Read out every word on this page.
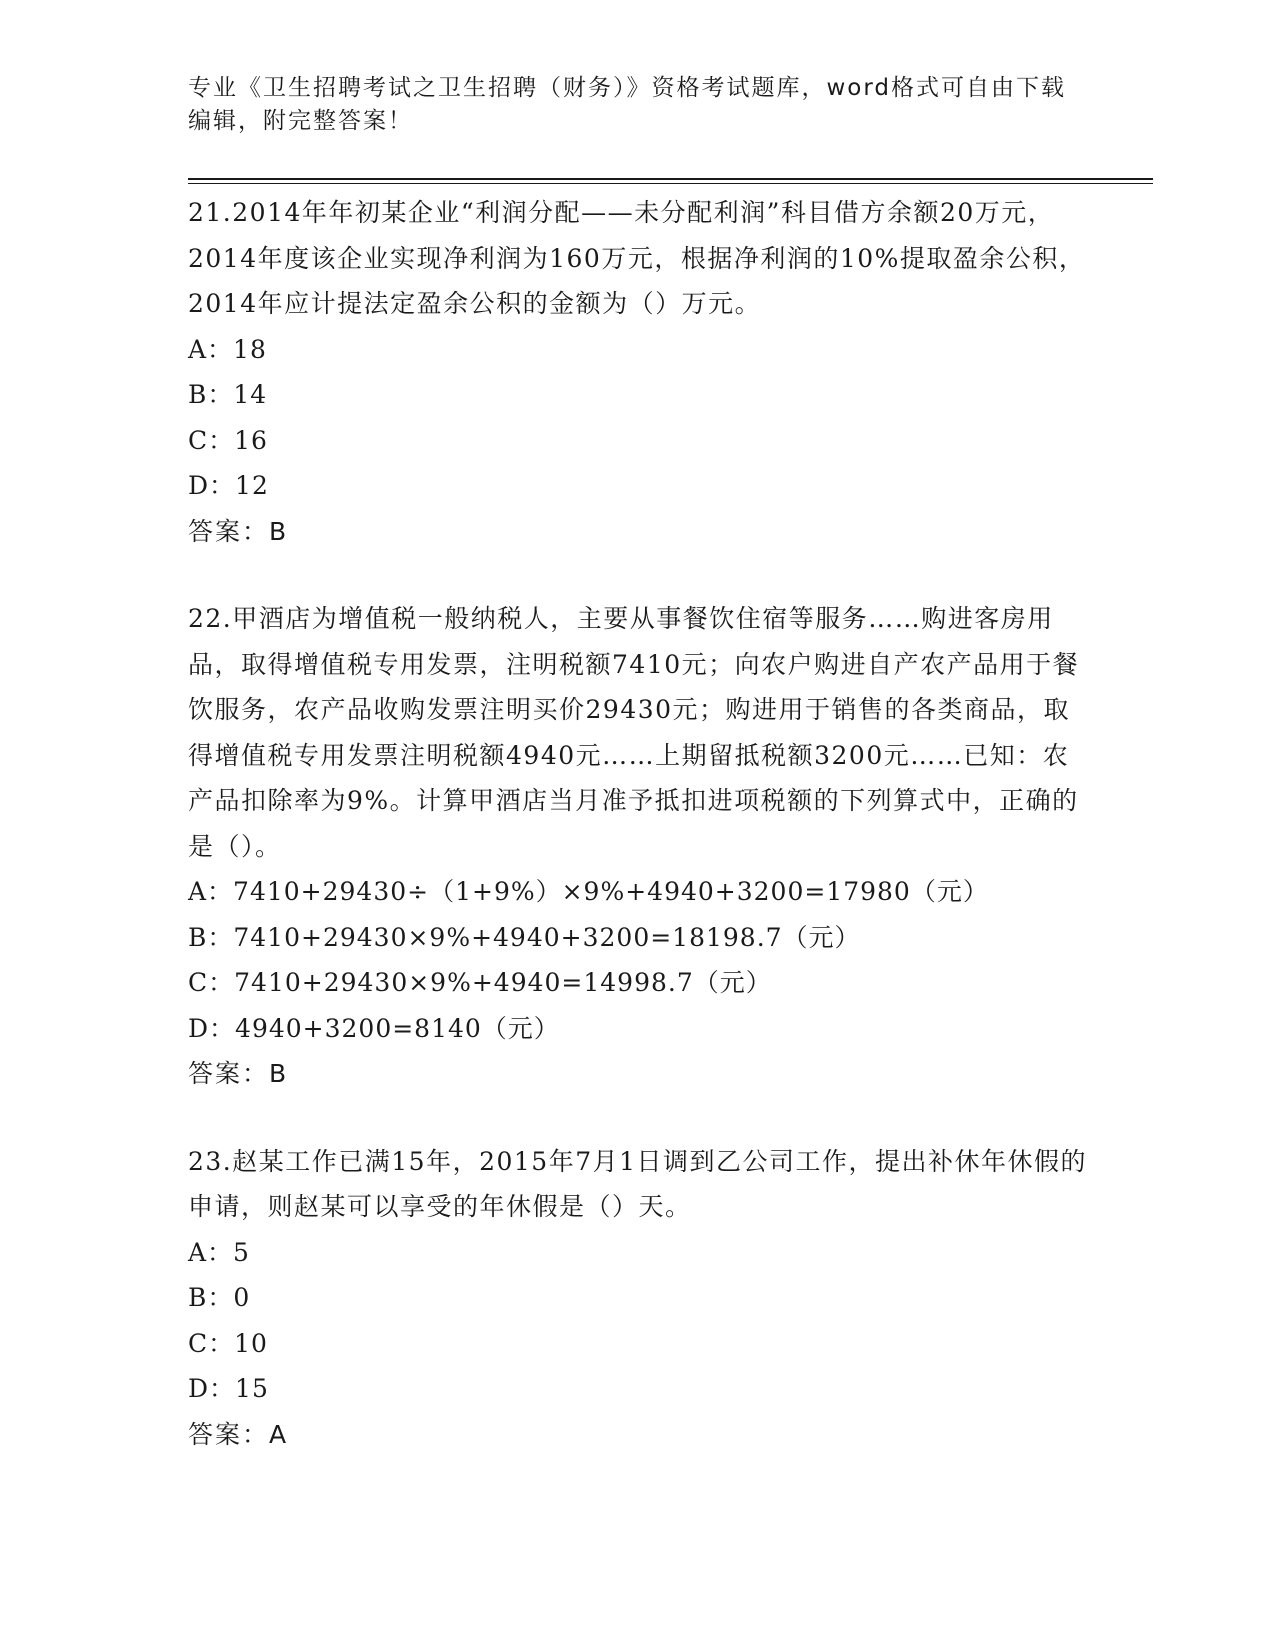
专业《卫生招聘考试之卫生招聘（财务）》资格考试题库，word格式可自由下载编辑，附完整答案！

21.2014年年初某企业“利润分配——未分配利润”科目借方余额20万元，2014年度该企业实现净利润为160万元，根据净利润的10%提取盈余公积，2014年应计提法定盈余公积的金额为（）万元。

A：18

B：14

C：16

D：12

答案：B

22.甲酒店为增值税一般纳税人，主要从事餐饮住宿等服务……购进客房用品，取得增值税专用发票，注明税额7410元；向农户购进自产农产品用于餐饮服务，农产品收购发票注明买价29430元；购进用于销售的各类商品，取得增值税专用发票注明税额4940元……上期留抵税额3200元……已知：农产品扣除率为9%。计算甲酒店当月准予抵扣进项税额的下列算式中，正确的是（）。

A：7410+29430÷（1+9%）×9%+4940+3200=17980（元）

B：7410+29430×9%+4940+3200=18198.7（元）

C：7410+29430×9%+4940=14998.7（元）

D：4940+3200=8140（元）

答案：B

23.赵某工作已满15年，2015年7月1日调到乙公司工作，提出补休年休假的申请，则赵某可以享受的年休假是（）天。

A：5

B：0

C：10

D：15

答案：A
